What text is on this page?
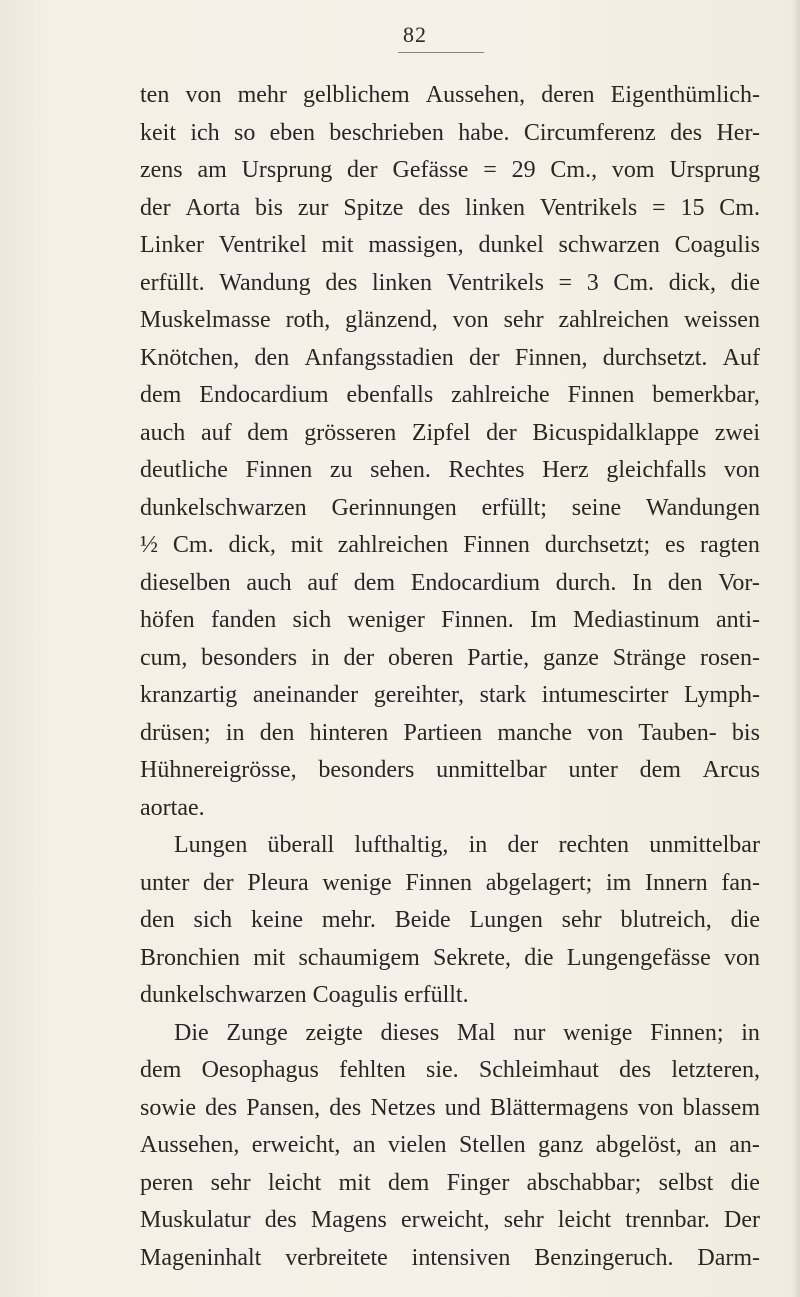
82
ten von mehr gelblichem Aussehen, deren Eigenthümlich-
keit ich so eben beschrieben habe. Circumferenz des Her-
zens am Ursprung der Gefässe = 29 Cm., vom Ursprung
der Aorta bis zur Spitze des linken Ventrikels = 15 Cm.
Linker Ventrikel mit massigen, dunkel schwarzen Coagulis
erfüllt. Wandung des linken Ventrikels = 3 Cm. dick, die
Muskelmasse roth, glänzend, von sehr zahlreichen weissen
Knötchen, den Anfangsstadien der Finnen, durchsetzt. Auf
dem Endocardium ebenfalls zahlreiche Finnen bemerkbar,
auch auf dem grösseren Zipfel der Bicuspidalklappe zwei
deutliche Finnen zu sehen. Rechtes Herz gleichfalls von
dunkelschwarzen Gerinnungen erfüllt; seine Wandungen
½ Cm. dick, mit zahlreichen Finnen durchsetzt; es ragten
dieselben auch auf dem Endocardium durch. In den Vor-
höfen fanden sich weniger Finnen. Im Mediastinum anti-
cum, besonders in der oberen Partie, ganze Stränge rosen-
kranzartig aneinander gereihter, stark intumescirter Lymph-
drüsen; in den hinteren Partieen manche von Tauben- bis
Hühnereigrösse, besonders unmittelbar unter dem Arcus
aortae.
Lungen überall lufthaltig, in der rechten unmittelbar
unter der Pleura wenige Finnen abgelagert; im Innern fan-
den sich keine mehr. Beide Lungen sehr blutreich, die
Bronchien mit schaumigem Sekrete, die Lungengefässe von
dunkelschwarzen Coagulis erfüllt.
Die Zunge zeigte dieses Mal nur wenige Finnen; in
dem Oesophagus fehlten sie. Schleimhaut des letzteren,
sowie des Pansen, des Netzes und Blättermagens von blassem
Aussehen, erweicht, an vielen Stellen ganz abgelöst, an an-
peren sehr leicht mit dem Finger abschabbar; selbst die
Muskulatur des Magens erweicht, sehr leicht trennbar. Der
Mageninhalt verbreitete intensiven Benzingeruch. Darm-
